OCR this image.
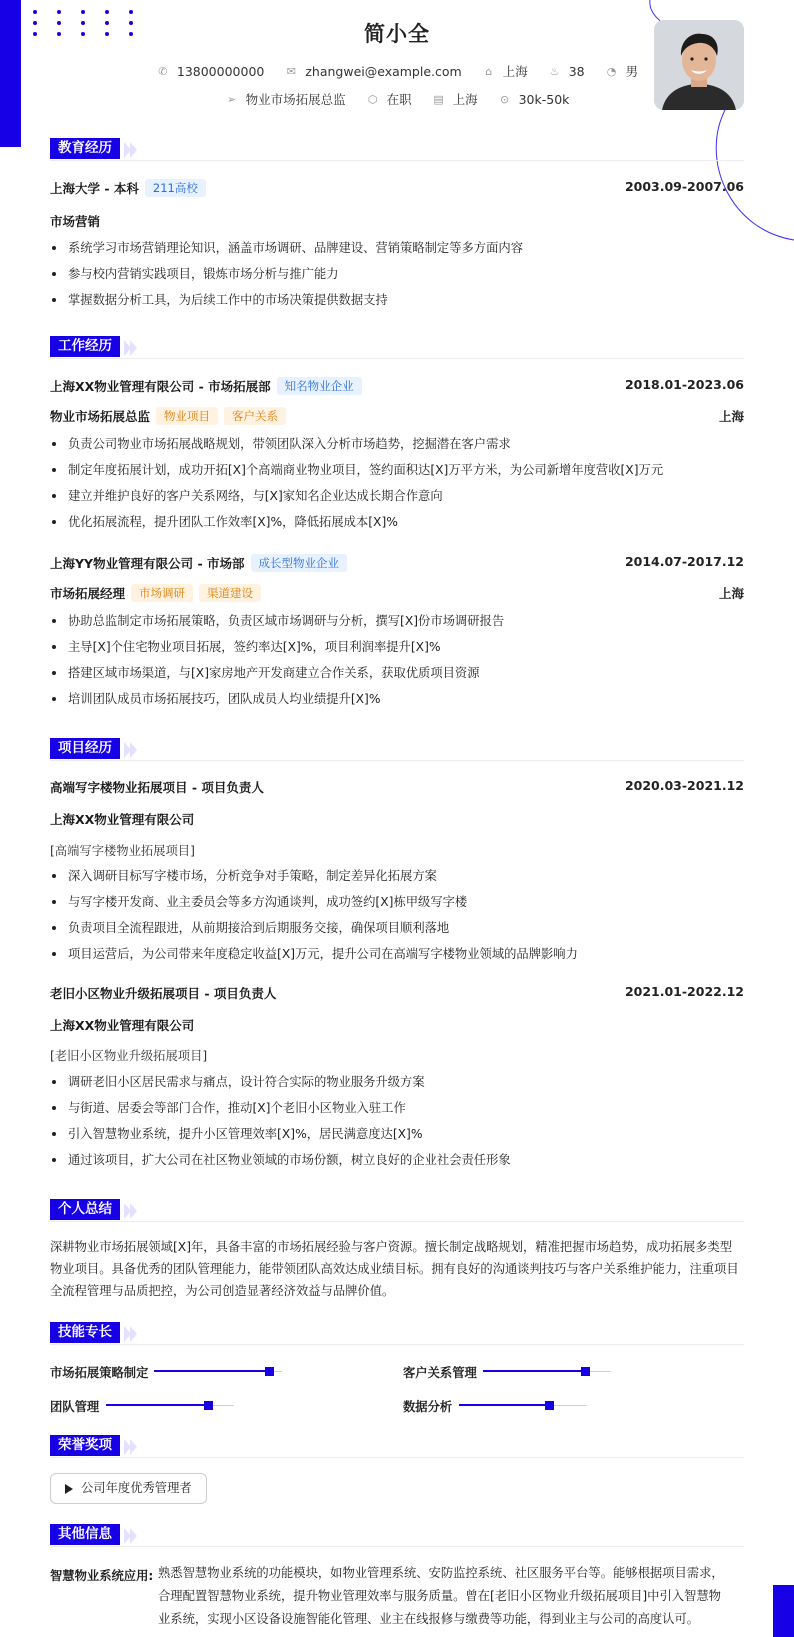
简小全
✆ 13800000000
✉ zhangwei@example.com
	⌂ 上海
♨ 38
◔ 男
➢ 物业市场拓展总监
⬡ 在职
▤ 上海
⊙ 30k-50k
教育经历
上海大学 - 本科 211高校	2003.09-2007.06
市场营销
系统学习市场营销理论知识，涵盖市场调研、品牌建设、营销策略制定等多方面内容
参与校内营销实践项目，锻炼市场分析与推广能力
掌握数据分析工具，为后续工作中的市场决策提供数据支持
工作经历
上海XX物业管理有限公司 - 市场拓展部 知名物业企业	2018.01-2023.06
物业市场拓展总监 物业项目 客户关系	上海
负责公司物业市场拓展战略规划，带领团队深入分析市场趋势，挖掘潜在客户需求
制定年度拓展计划，成功开拓[X]个高端商业物业项目，签约面积达[X]万平方米，为公司新增年度营收[X]万元
建立并维护良好的客户关系网络，与[X]家知名企业达成长期合作意向
优化拓展流程，提升团队工作效率[X]%，降低拓展成本[X]%
上海YY物业管理有限公司 - 市场部 成长型物业企业	2014.07-2017.12
市场拓展经理 市场调研 渠道建设	上海
协助总监制定市场拓展策略，负责区域市场调研与分析，撰写[X]份市场调研报告
主导[X]个住宅物业项目拓展，签约率达[X]%，项目利润率提升[X]%
搭建区域市场渠道，与[X]家房地产开发商建立合作关系，获取优质项目资源
培训团队成员市场拓展技巧，团队成员人均业绩提升[X]%
项目经历
高端写字楼物业拓展项目 - 项目负责人	2020.03-2021.12
上海XX物业管理有限公司
[高端写字楼物业拓展项目]
深入调研目标写字楼市场，分析竞争对手策略，制定差异化拓展方案
与写字楼开发商、业主委员会等多方沟通谈判，成功签约[X]栋甲级写字楼
负责项目全流程跟进，从前期接洽到后期服务交接，确保项目顺利落地
项目运营后，为公司带来年度稳定收益[X]万元，提升公司在高端写字楼物业领域的品牌影响力
老旧小区物业升级拓展项目 - 项目负责人	2021.01-2022.12
上海XX物业管理有限公司
[老旧小区物业升级拓展项目]
调研老旧小区居民需求与痛点，设计符合实际的物业服务升级方案
与街道、居委会等部门合作，推动[X]个老旧小区物业入驻工作
引入智慧物业系统，提升小区管理效率[X]%，居民满意度达[X]%
通过该项目，扩大公司在社区物业领域的市场份额，树立良好的企业社会责任形象
个人总结
深耕物业市场拓展领域[X]年，具备丰富的市场拓展经验与客户资源。擅长制定战略规划，精准把握市场趋势，成功拓展多类型物业项目。具备优秀的团队管理能力，能带领团队高效达成业绩目标。拥有良好的沟通谈判技巧与客户关系维护能力，注重项目全流程管理与品质把控，为公司创造显著经济效益与品牌价值。
技能专长
市场拓展策略制定	客户关系管理
团队管理	数据分析
荣誉奖项
公司年度优秀管理者
其他信息
智慧物业系统应用: 熟悉智慧物业系统的功能模块，如物业管理系统、安防监控系统、社区服务平台等。能够根据项目需求，合理配置智慧物业系统，提升物业管理效率与服务质量。曾在[老旧小区物业升级拓展项目]中引入智慧物业系统，实现小区设备设施智能化管理、业主在线报修与缴费等功能，得到业主与公司的高度认可。
